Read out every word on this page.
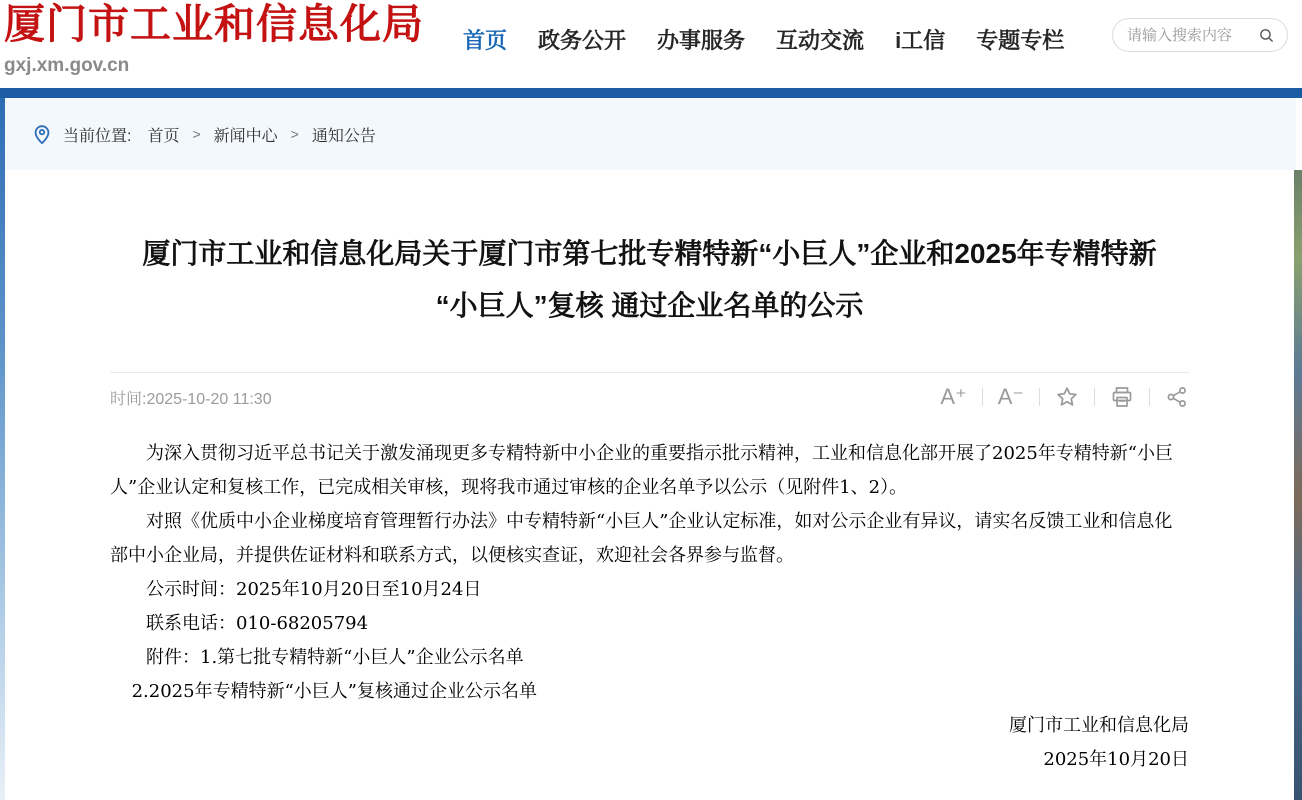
厦门市工业和信息化局
gxj.xm.gov.cn
首页 政务公开 办事服务 互动交流 i工信 专题专栏
请输入搜索内容
当前位置: 首页 > 新闻中心 > 通知公告
厦门市工业和信息化局关于厦门市第七批专精特新“小巨人”企业和2025年专精特新
“小巨人”复核 通过企业名单的公示
时间:2025-10-20 11:30	A⁺ A⁻

为深入贯彻习近平总书记关于激发涌现更多专精特新中小企业的重要指示批示精神，工业和信息化部开展了2025年专精特新“小巨人”企业认定和复核工作，已完成相关审核，现将我市通过审核的企业名单予以公示（见附件1、2）。

对照《优质中小企业梯度培育管理暂行办法》中专精特新“小巨人”企业认定标准，如对公示企业有异议，请实名反馈工业和信息化部中小企业局，并提供佐证材料和联系方式，以便核实查证，欢迎社会各界参与监督。

公示时间：2025年10月20日至10月24日

联系电话：010-68205794

附件：1.第七批专精特新“小巨人”企业公示名单

2.2025年专精特新“小巨人”复核通过企业公示名单

厦门市工业和信息化局

2025年10月20日
